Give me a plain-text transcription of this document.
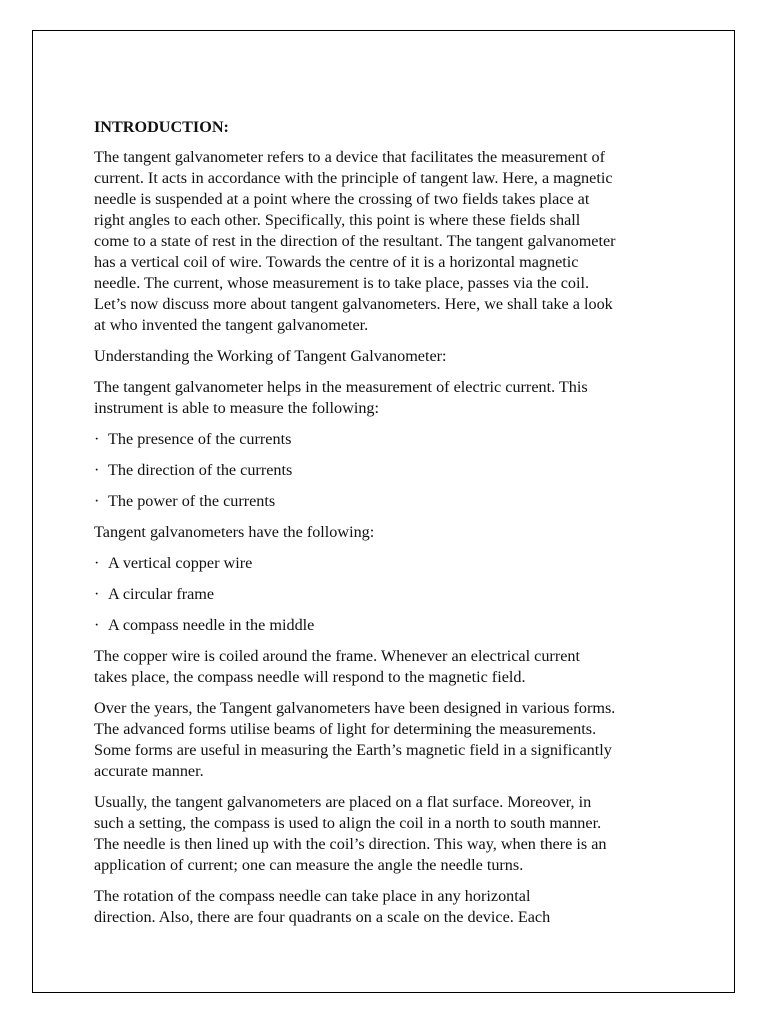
INTRODUCTION:

The tangent galvanometer refers to a device that facilitates the measurement of
current. It acts in accordance with the principle of tangent law. Here, a magnetic
needle is suspended at a point where the crossing of two fields takes place at
right angles to each other. Specifically, this point is where these fields shall
come to a state of rest in the direction of the resultant. The tangent galvanometer
has a vertical coil of wire. Towards the centre of it is a horizontal magnetic
needle. The current, whose measurement is to take place, passes via the coil.
Let’s now discuss more about tangent galvanometers. Here, we shall take a look
at who invented the tangent galvanometer.

Understanding the Working of Tangent Galvanometer:

The tangent galvanometer helps in the measurement of electric current. This
instrument is able to measure the following:

· The presence of the currents
· The direction of the currents
· The power of the currents

Tangent galvanometers have the following:

· A vertical copper wire
· A circular frame
· A compass needle in the middle

The copper wire is coiled around the frame. Whenever an electrical current
takes place, the compass needle will respond to the magnetic field.

Over the years, the Tangent galvanometers have been designed in various forms.
The advanced forms utilise beams of light for determining the measurements.
Some forms are useful in measuring the Earth’s magnetic field in a significantly
accurate manner.

Usually, the tangent galvanometers are placed on a flat surface. Moreover, in
such a setting, the compass is used to align the coil in a north to south manner.
The needle is then lined up with the coil’s direction. This way, when there is an
application of current; one can measure the angle the needle turns.

The rotation of the compass needle can take place in any horizontal
direction. Also, there are four quadrants on a scale on the device. Each
